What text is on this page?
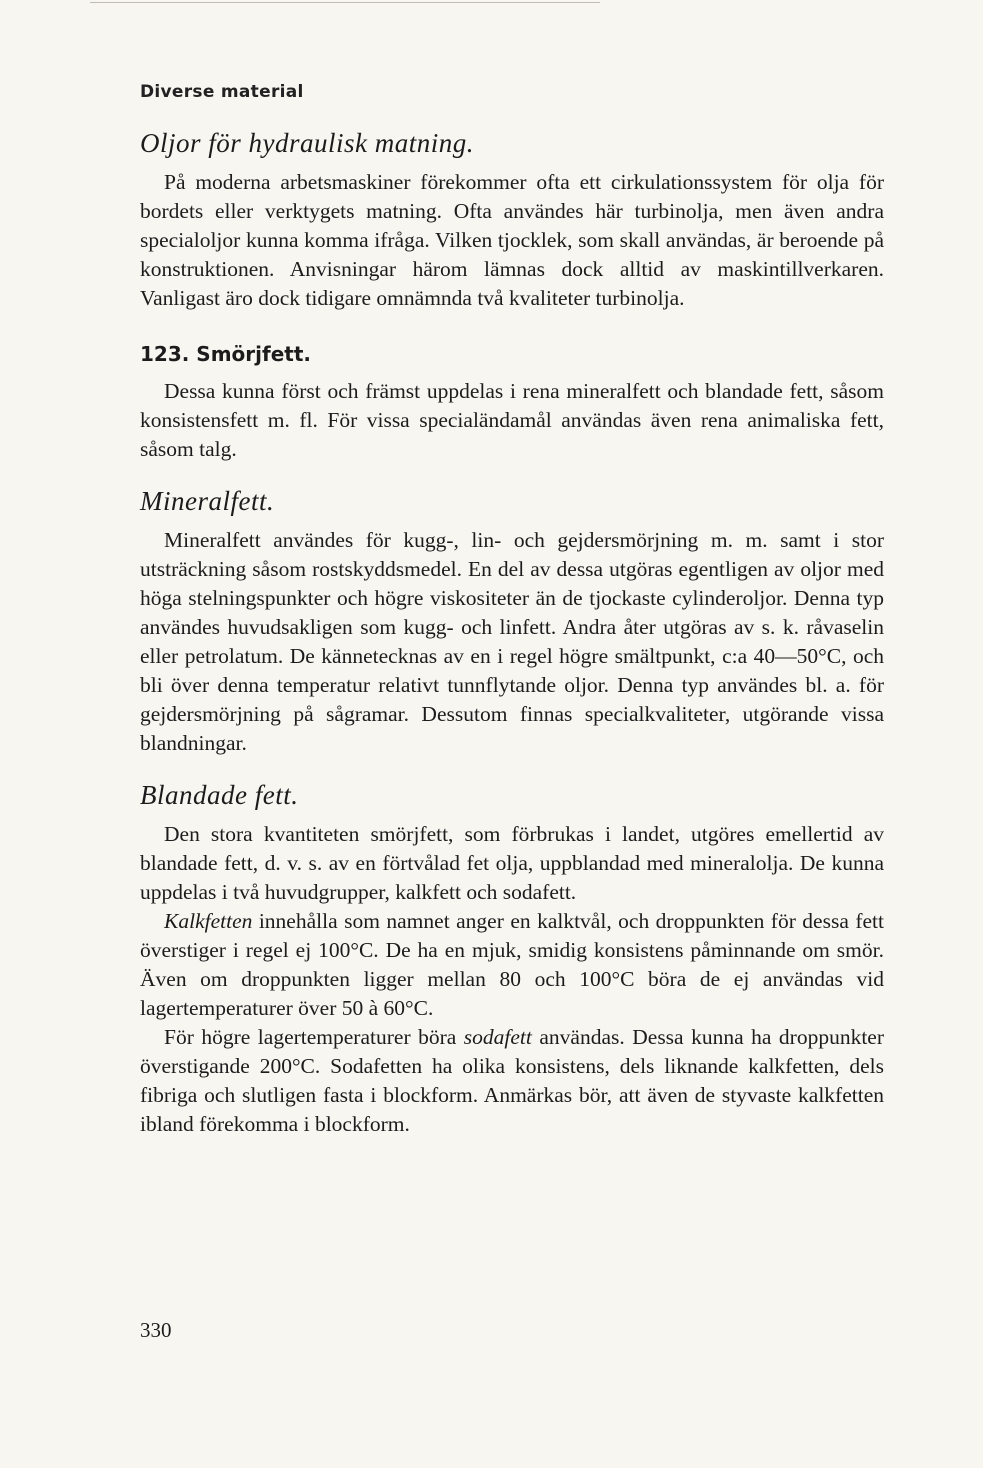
Diverse material
Oljor för hydraulisk matning.

På moderna arbetsmaskiner förekommer ofta ett cirkulationssystem för olja för bordets eller verktygets matning. Ofta användes här turbinolja, men även andra specialoljor kunna komma ifråga. Vilken tjocklek, som skall användas, är beroende på konstruktionen. Anvisningar härom lämnas dock alltid av maskintillverkaren. Vanligast äro dock tidigare omnämnda två kvaliteter turbinolja.

123. Smörjfett.

Dessa kunna först och främst uppdelas i rena mineralfett och blandade fett, såsom konsistensfett m. fl. För vissa specialändamål användas även rena animaliska fett, såsom talg.

Mineralfett.

Mineralfett användes för kugg-, lin- och gejdersmörjning m. m. samt i stor utsträckning såsom rostskyddsmedel. En del av dessa utgöras egentligen av oljor med höga stelningspunkter och högre viskositeter än de tjockaste cylinderoljor. Denna typ användes huvudsakligen som kugg- och linfett. Andra åter utgöras av s. k. råvaselin eller petrolatum. De kännetecknas av en i regel högre smältpunkt, c:a 40—50°C, och bli över denna temperatur relativt tunnflytande oljor. Denna typ användes bl. a. för gejdersmörjning på sågramar. Dessutom finnas specialkvaliteter, utgörande vissa blandningar.

Blandade fett.

Den stora kvantiteten smörjfett, som förbrukas i landet, utgöres emellertid av blandade fett, d. v. s. av en förtvålad fet olja, uppblandad med mineralolja. De kunna uppdelas i två huvudgrupper, kalkfett och sodafett.

Kalkfetten innehålla som namnet anger en kalktvål, och droppunkten för dessa fett överstiger i regel ej 100°C. De ha en mjuk, smidig konsistens påminnande om smör. Även om droppunkten ligger mellan 80 och 100°C böra de ej användas vid lagertemperaturer över 50 à 60°C.

För högre lagertemperaturer böra sodafett användas. Dessa kunna ha droppunkter överstigande 200°C. Sodafetten ha olika konsistens, dels liknande kalkfetten, dels fibriga och slutligen fasta i blockform. Anmärkas bör, att även de styvaste kalkfetten ibland förekomma i blockform.

330
